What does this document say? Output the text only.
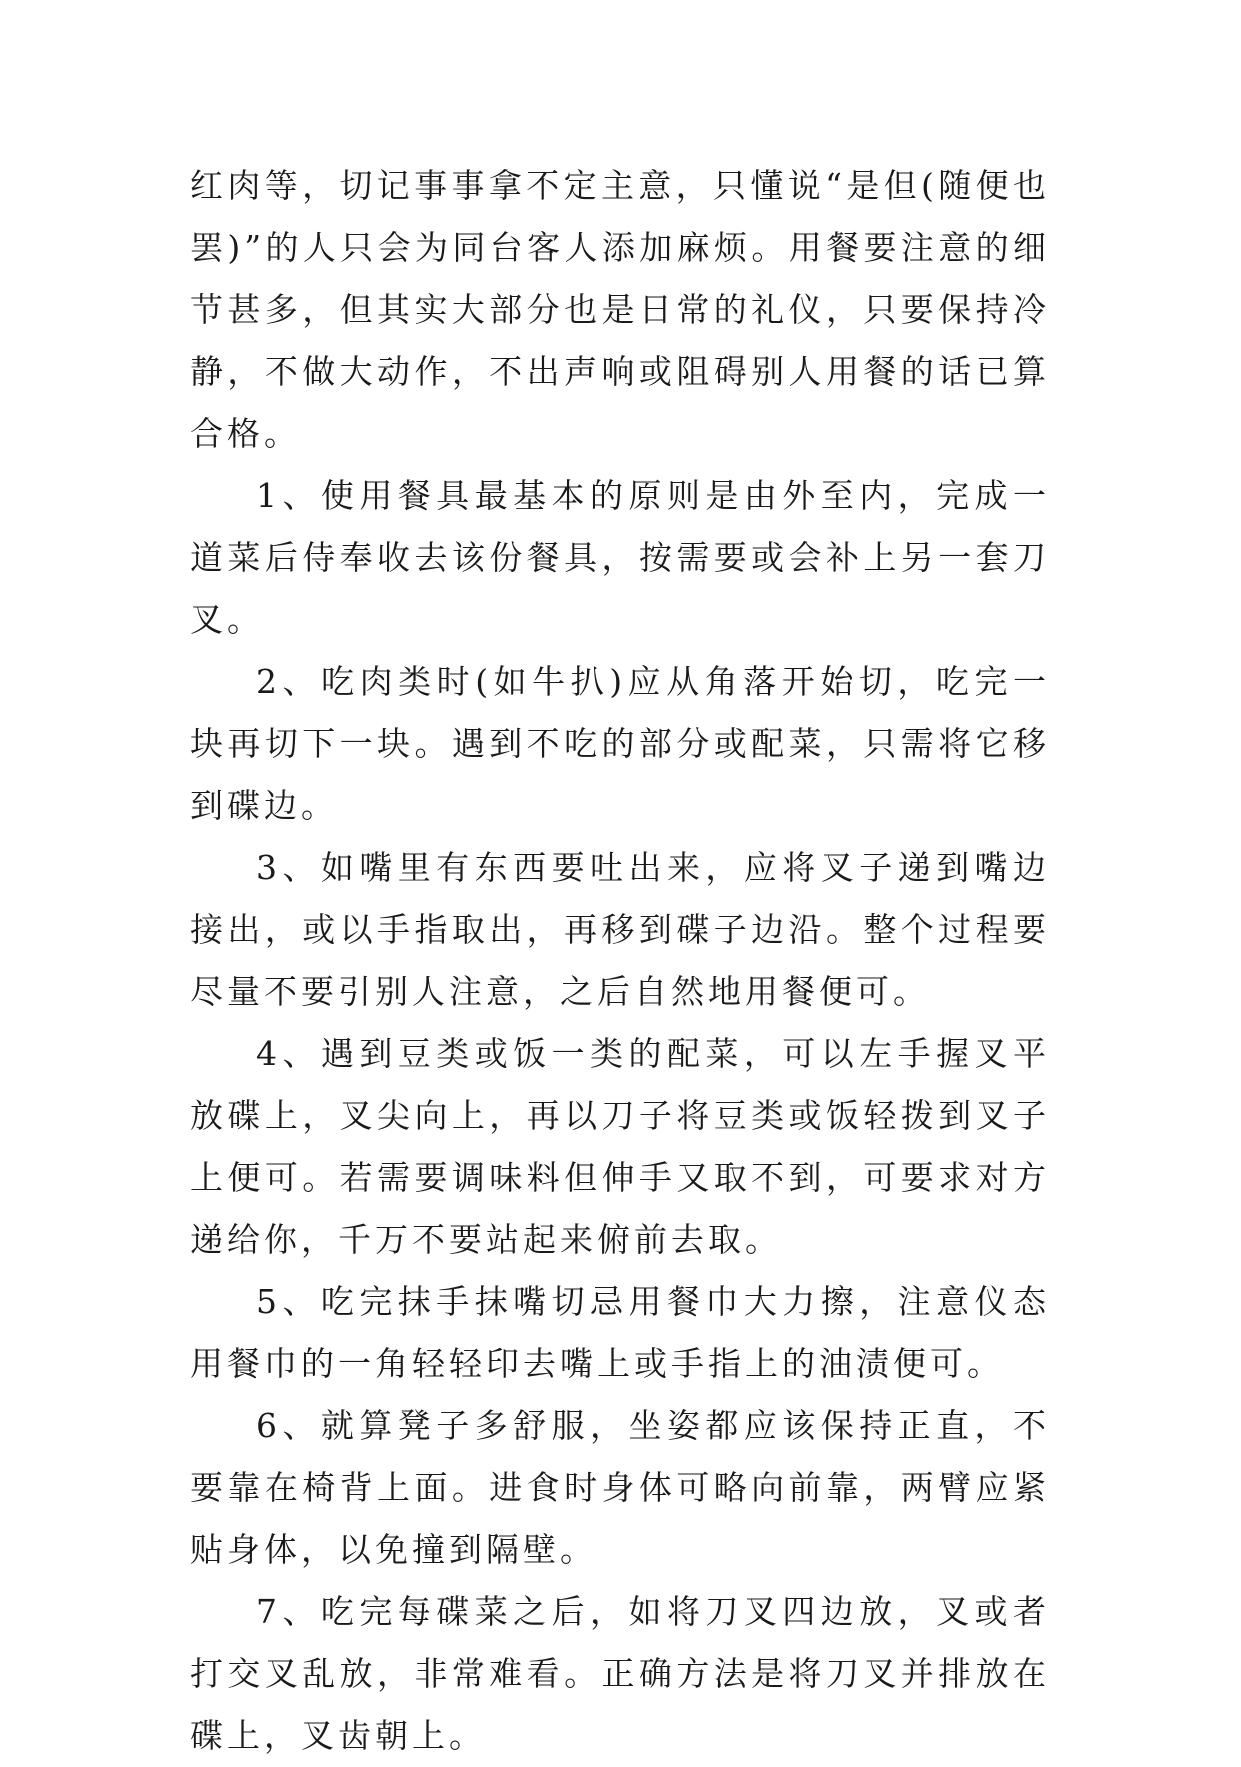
红肉等，切记事事拿不定主意，只懂说“是但(随便也罢)”的人只会为同台客人添加麻烦。用餐要注意的细节甚多，但其实大部分也是日常的礼仪，只要保持冷静，不做大动作，不出声响或阻碍别人用餐的话已算合格。

1、使用餐具最基本的原则是由外至内，完成一道菜后侍奉收去该份餐具，按需要或会补上另一套刀叉。

2、吃肉类时(如牛扒)应从角落开始切，吃完一块再切下一块。遇到不吃的部分或配菜，只需将它移到碟边。

3、如嘴里有东西要吐出来，应将叉子递到嘴边接出，或以手指取出，再移到碟子边沿。整个过程要尽量不要引别人注意，之后自然地用餐便可。

4、遇到豆类或饭一类的配菜，可以左手握叉平放碟上，叉尖向上，再以刀子将豆类或饭轻拨到叉子上便可。若需要调味料但伸手又取不到，可要求对方递给你，千万不要站起来俯前去取。

5、吃完抹手抹嘴切忌用餐巾大力擦，注意仪态用餐巾的一角轻轻印去嘴上或手指上的油渍便可。

6、就算凳子多舒服，坐姿都应该保持正直，不要靠在椅背上面。进食时身体可略向前靠，两臂应紧贴身体，以免撞到隔壁。

7、吃完每碟菜之后，如将刀叉四边放，叉或者打交叉乱放，非常难看。正确方法是将刀叉并排放在碟上，叉齿朝上。
